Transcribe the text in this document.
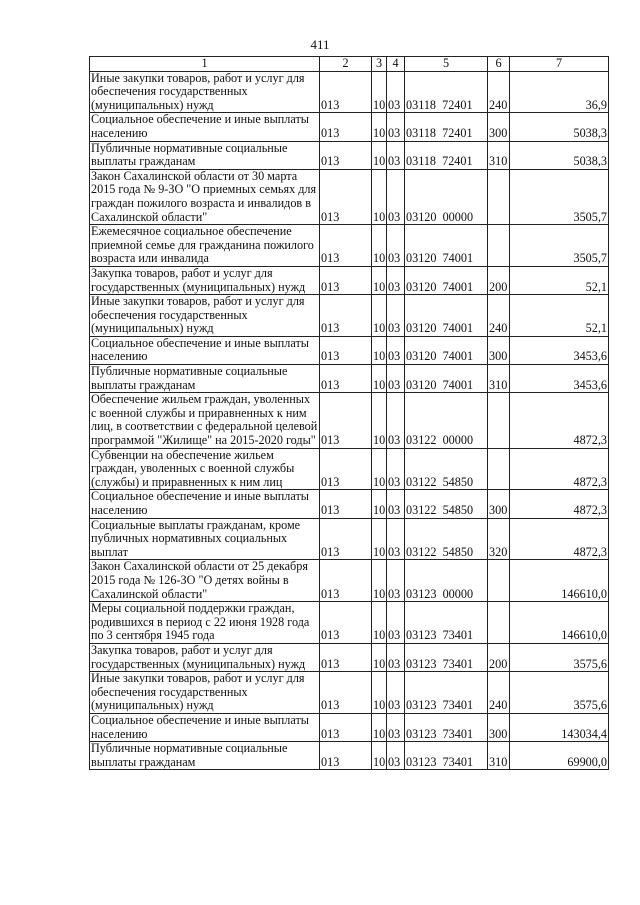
411
1	2	3	4	5	6	7
Иные закупки товаров, работ и услуг для обеспечения государственных (муниципальных) нужд	013	10	03	03118  72401	240	36,9
Социальное обеспечение и иные выплаты населению	013	10	03	03118  72401	300	5038,3
Публичные нормативные социальные выплаты гражданам	013	10	03	03118  72401	310	5038,3
Закон Сахалинской области от 30 марта 2015 года № 9-ЗО "О приемных семьях для граждан пожилого возраста и инвалидов в Сахалинской области"	013	10	03	03120  00000		3505,7
Ежемесячное социальное обеспечение приемной семье для гражданина пожилого возраста или инвалида	013	10	03	03120  74001		3505,7
Закупка товаров, работ и услуг для государственных (муниципальных) нужд	013	10	03	03120  74001	200	52,1
Иные закупки товаров, работ и услуг для обеспечения государственных (муниципальных) нужд	013	10	03	03120  74001	240	52,1
Социальное обеспечение и иные выплаты населению	013	10	03	03120  74001	300	3453,6
Публичные нормативные социальные выплаты гражданам	013	10	03	03120  74001	310	3453,6
Обеспечение жильем граждан, уволенных с военной службы и приравненных к ним лиц, в соответствии с федеральной целевой программой "Жилище" на 2015-2020 годы"	013	10	03	03122  00000		4872,3
Субвенции на обеспечение жильем граждан, уволенных с военной службы (службы) и приравненных к ним лиц	013	10	03	03122  54850		4872,3
Социальное обеспечение и иные выплаты населению	013	10	03	03122  54850	300	4872,3
Социальные выплаты гражданам, кроме публичных нормативных социальных выплат	013	10	03	03122  54850	320	4872,3
Закон Сахалинской области от 25 декабря 2015 года № 126-ЗО "О детях войны в Сахалинской области"	013	10	03	03123  00000		146610,0
Меры социальной поддержки граждан, родившихся в период с 22 июня 1928 года по 3 сентября 1945 года	013	10	03	03123  73401		146610,0
Закупка товаров, работ и услуг для государственных (муниципальных) нужд	013	10	03	03123  73401	200	3575,6
Иные закупки товаров, работ и услуг для обеспечения государственных (муниципальных) нужд	013	10	03	03123  73401	240	3575,6
Социальное обеспечение и иные выплаты населению	013	10	03	03123  73401	300	143034,4
Публичные нормативные социальные выплаты гражданам	013	10	03	03123  73401	310	69900,0
